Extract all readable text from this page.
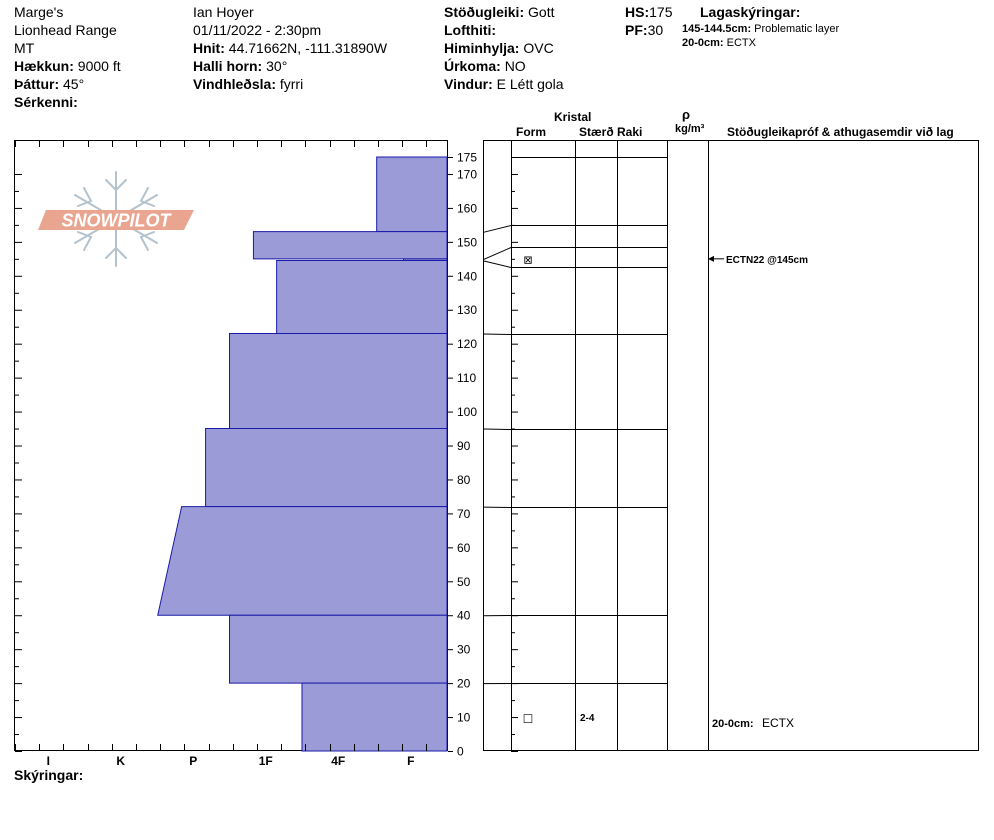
Marge's
Lionhead Range
MT
Hækkun: 9000 ft
Þáttur: 45°
Sérkenni:
Ian Hoyer
01/11/2022 - 2:30pm
Hnit: 44.71662N, -111.31890W
Halli horn: 30°
Vindhleðsla: fyrri
Stöðugleiki: Gott
Lofthiti:
Himinhylja: OVC
Úrkoma: NO
Vindur: E Létt gola
HS:175
PF:30
Lagaskýringar:
145-144.5cm: Problematic layer
20-0cm: ECTX
Kristal
Form	Stærð Raki
ρ
kg/m³ Stöðugleikapróf & athugasemdir við lag
SNOWPILOT
0
10
20
30
40
50
60
70
80
90
100
110
120
130
140
150
160
170
175
I	K	P	1F	4F	F
⊠
□	2-4
ECTN22 @145cm
20-0cm: ECTX
Skýringar:
